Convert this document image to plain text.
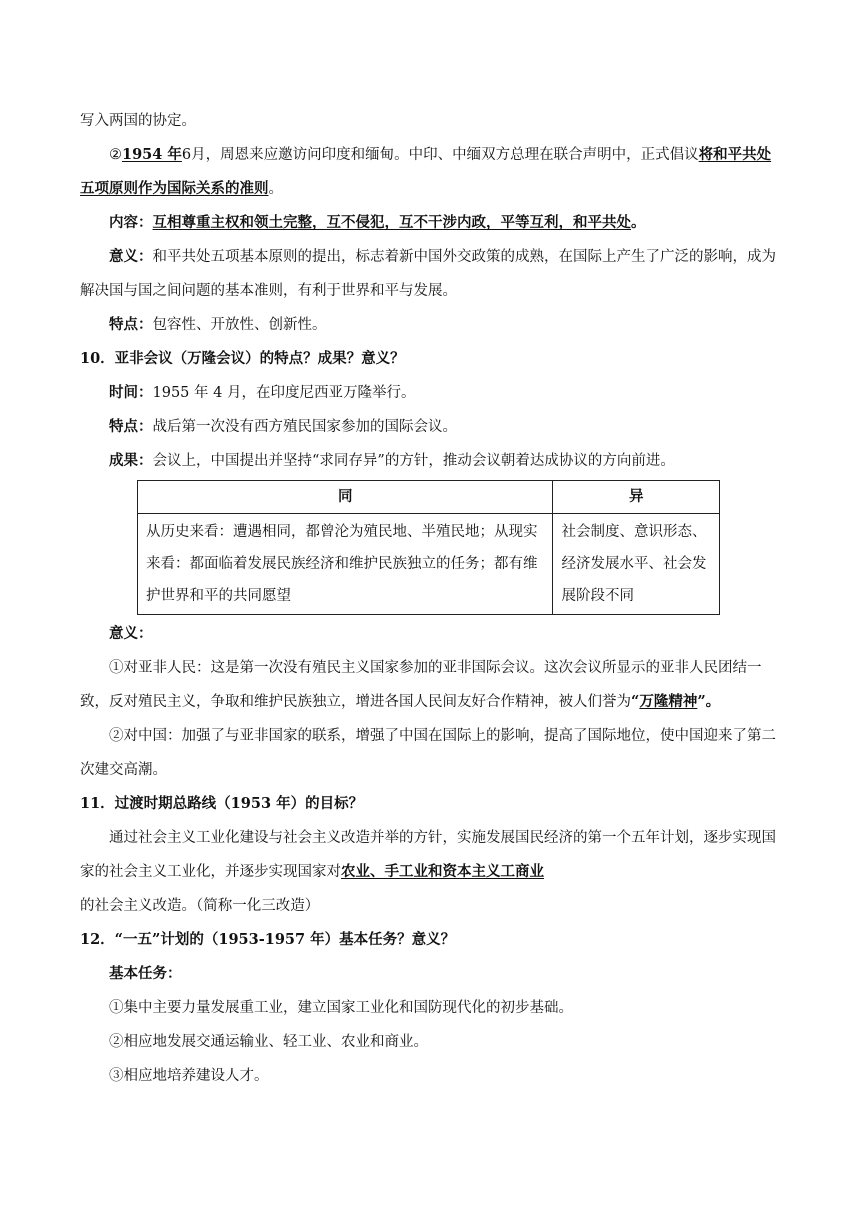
写入两国的协定。

②1954 年6月，周恩来应邀访问印度和缅甸。中印、中缅双方总理在联合声明中，正式倡议将和平共处五项原则作为国际关系的准则。

内容：互相尊重主权和领土完整，互不侵犯，互不干涉内政，平等互利，和平共处。

意义：和平共处五项基本原则的提出，标志着新中国外交政策的成熟，在国际上产生了广泛的影响，成为解决国与国之间问题的基本准则，有利于世界和平与发展。

特点：包容性、开放性、创新性。

10．亚非会议（万隆会议）的特点？成果？意义？

时间：1955 年 4 月，在印度尼西亚万隆举行。

特点：战后第一次没有西方殖民国家参加的国际会议。

成果：会议上，中国提出并坚持“求同存异”的方针，推动会议朝着达成协议的方向前进。

同	异
从历史来看：遭遇相同，都曾沦为殖民地、半殖民地；从现实来看：都面临着发展民族经济和维护民族独立的任务；都有维护世界和平的共同愿望	社会制度、意识形态、经济发展水平、社会发展阶段不同

意义：

①对亚非人民：这是第一次没有殖民主义国家参加的亚非国际会议。这次会议所显示的亚非人民团结一致，反对殖民主义，争取和维护民族独立，增进各国人民间友好合作精神，被人们誉为“万隆精神”。

②对中国：加强了与亚非国家的联系，增强了中国在国际上的影响，提高了国际地位，使中国迎来了第二次建交高潮。

11．过渡时期总路线（1953 年）的目标？

通过社会主义工业化建设与社会主义改造并举的方针，实施发展国民经济的第一个五年计划，逐步实现国家的社会主义工业化，并逐步实现国家对农业、手工业和资本主义工商业的社会主义改造。（简称一化三改造）

12．“一五”计划的（1953-1957 年）基本任务？意义？

基本任务：

①集中主要力量发展重工业，建立国家工业化和国防现代化的初步基础。

②相应地发展交通运输业、轻工业、农业和商业。

③相应地培养建设人才。
